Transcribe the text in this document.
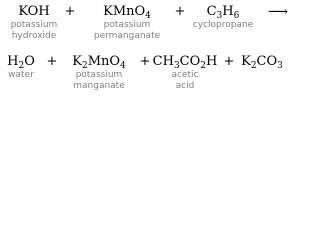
KOH
potassium
hydroxide
+ KMnO$_4$
potassium
permanganate
+ $C_3H_6$
cyclopropane
⟶
$H_2O$
water
+ $K_2MnO_4$
potassium
manganate
+ $CH_3CO_2H$
acetic
acid
+ $K_2CO_3$
